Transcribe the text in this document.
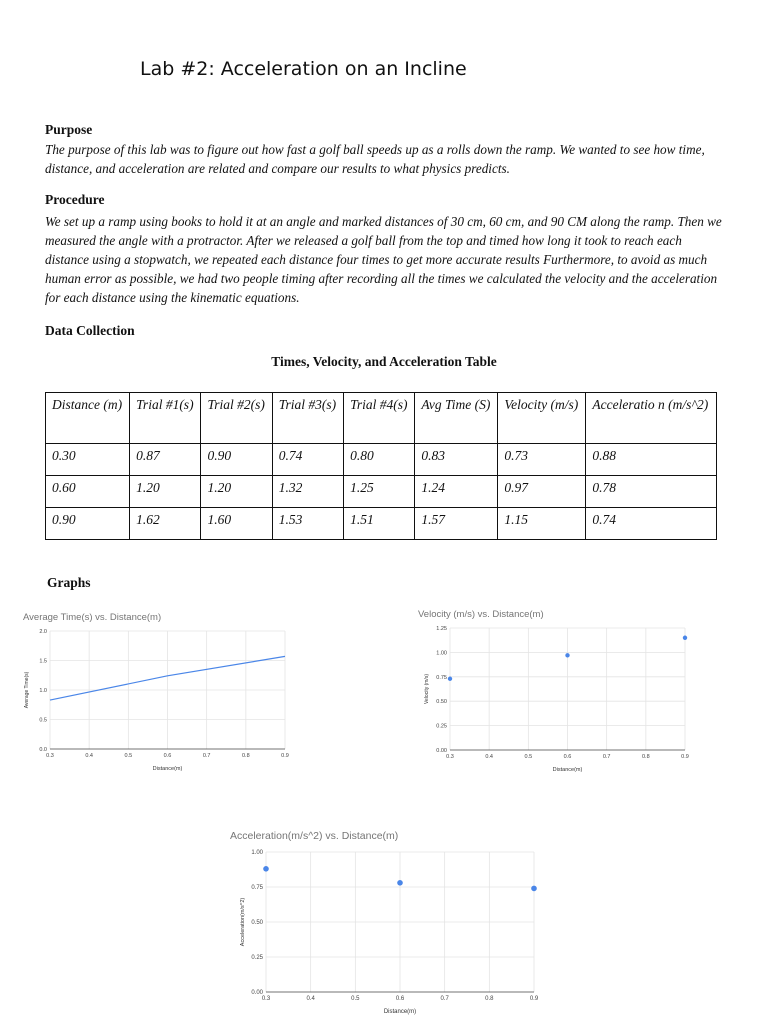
Lab #2: Acceleration on an Incline
Purpose
The purpose of this lab was to figure out how fast a golf ball speeds up as a rolls down the ramp. We wanted to see how time, distance, and acceleration are related and compare our results to what physics predicts.
Procedure
We set up a ramp using books to hold it at an angle and marked distances of 30 cm, 60 cm, and 90 CM along the ramp. Then we measured the angle with a protractor. After we released a golf ball from the top and timed how long it took to reach each distance using a stopwatch, we repeated each distance four times to get more accurate results Furthermore, to avoid as much human error as possible, we had two people timing after recording all the times we calculated the velocity and the acceleration for each distance using the kinematic equations.
Data Collection
Times, Velocity, and Acceleration Table
Distance (m)	Trial #1(s)	Trial #2(s)	Trial #3(s)	Trial #4(s)	Avg Time (S)	Velocity (m/s)	Acceleratio n (m/s^2)
0.30	0.87	0.90	0.74	0.80	0.83	0.73	0.88
0.60	1.20	1.20	1.32	1.25	1.24	0.97	0.78
0.90	1.62	1.60	1.53	1.51	1.57	1.15	0.74
Graphs
Average Time(s) vs. Distance(m)
0.3	0.4	0.5	0.6	0.7	0.8	0.9
0.0
0.5
1.0
1.5
2.0
Distance(m)
Average Time(s)
Velocity (m/s) vs. Distance(m)
0.3	0.4	0.5	0.6	0.7	0.8	0.9
0.00
0.25
0.50
0.75
1.00
1.25
Distance(m)
Velocity (m/s)
Acceleration(m/s^2) vs. Distance(m)
0.3	0.4	0.5	0.6	0.7	0.8	0.9
0.00
0.25
0.50
0.75
1.00
Distance(m)
Acceleration(m/s^2)
